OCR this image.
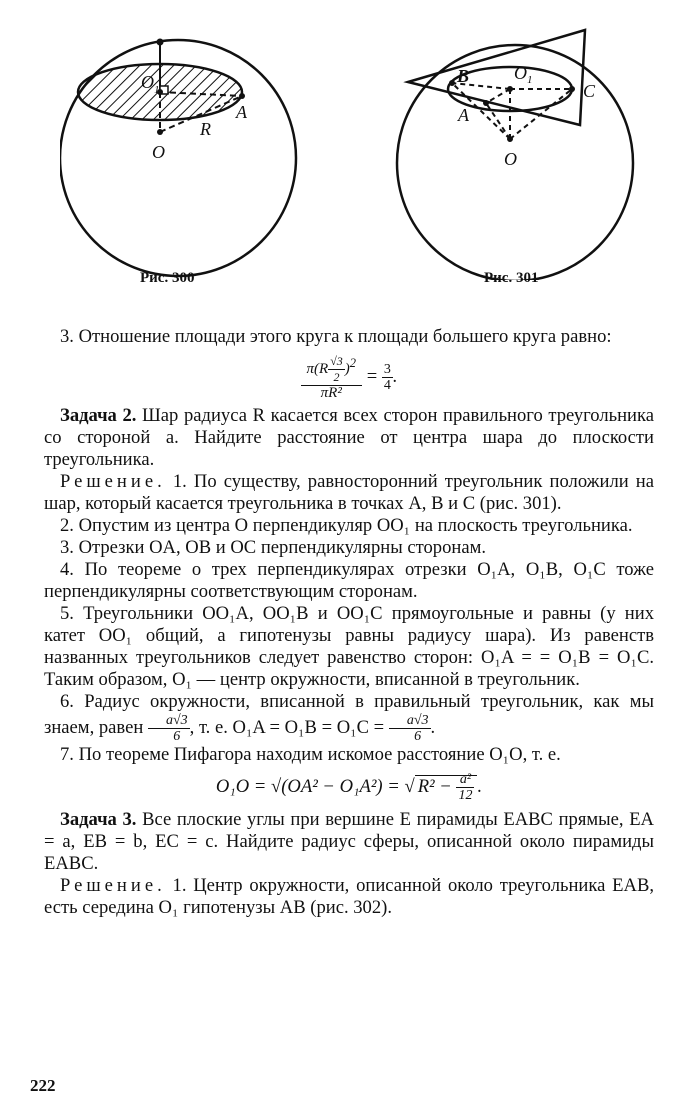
O 1
A
R
O
Рис. 300
B O 1
C
A
O
Рис. 301

3. Отношение площади этого круга к площади большего круга равно:

$\frac{\pi(R \frac{√3}{2} )^2}{\text{πR²}} = \frac{3}{4}$ .

Задача 2. Шар радиуса R касается всех сторон правильного треугольника со стороной a. Найдите расстояние от центра шара до плоскости треугольника.

Решение. 1. По существу, равносторонний треугольник положили на шар, который касается треугольника в точках A, B и C (рис. 301).

2. Опустим из центра O перпендикуляр OO₁ на плоскость треугольника.

3. Отрезки OA, OB и OC перпендикулярны сторонам.

4. По теореме о трех перпендикулярах отрезки O₁A, O₁B, O₁C тоже перпендикулярны соответствующим сторонам.

5. Треугольники OO₁A, OO₁B и OO₁C прямоугольные и равны (у них катет OO₁ общий, а гипотенузы равны радиусу шара). Из равенств названных треугольников следует равенство сторон: O₁A = = O₁B = O₁C. Таким образом, O₁ — центр окружности, вписанной в треугольник.

6. Радиус окружности, вписанной в правильный треугольник, как мы знаем, равен $\frac{a√3}{6}$ , т. е. $O_1A = O_1B = O_1C = \frac{a√3}{6}$ .

7. По теореме Пифагора находим искомое расстояние O₁O, т. е.

O₁O = √(OA² − O₁A²) = √ $R^2 - \frac{\text{a²}}{12}$ .

Задача 3. Все плоские углы при вершине E пирамиды EABC прямые, EA = a, EB = b, EC = c. Найдите радиус сферы, описанной около пирамиды EABC.

Решение. 1. Центр окружности, описанной около треугольника EAB, есть середина O₁ гипотенузы AB (рис. 302).

222
